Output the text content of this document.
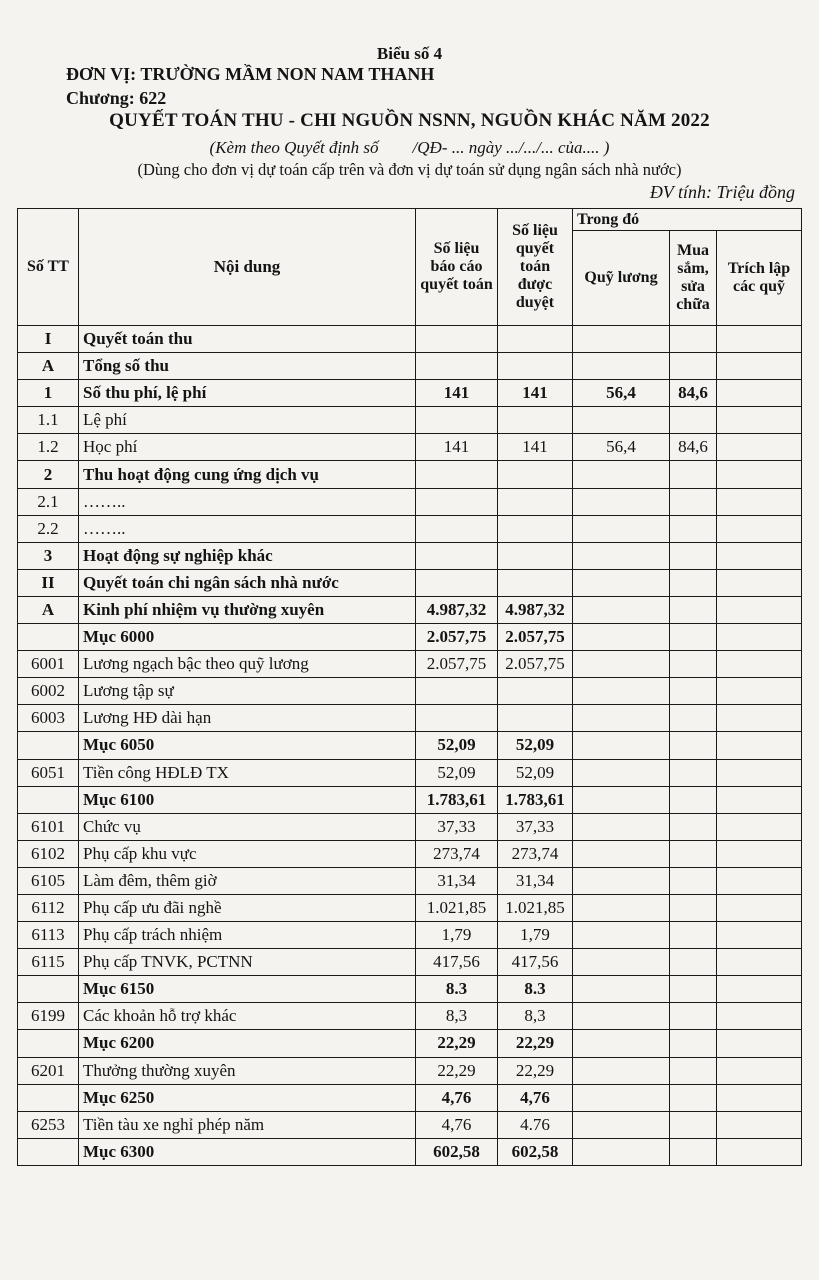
Biểu số 4
ĐƠN VỊ: TRƯỜNG MẦM NON NAM THANH
Chương: 622
QUYẾT TOÁN THU - CHI NGUỒN NSNN, NGUỒN KHÁC NĂM 2022
(Kèm theo Quyết định số        /QĐ- ... ngày .../.../... của.... )
(Dùng cho đơn vị dự toán cấp trên và đơn vị dự toán sử dụng ngân sách nhà nước)
ĐV tính: Triệu đồng
Số TT	Nội dung	Số liệu báo cáo quyết toán	Số liệu quyết toán được duyệt	Trong đó		
				Quỹ lương	Mua sắm, sửa chữa	Trích lập các quỹ
I	Quyết toán thu					
A	Tổng số thu					
1	Số thu phí, lệ phí	141	141	56,4	84,6	
1.1	Lệ phí					
1.2	Học phí	141	141	56,4	84,6	
2	Thu hoạt động cung ứng dịch vụ					
2.1	……..					
2.2	……..					
3	Hoạt động sự nghiệp khác					
II	Quyết toán chi ngân sách nhà nước					
A	Kinh phí nhiệm vụ thường xuyên	4.987,32	4.987,32			
	Mục 6000	2.057,75	2.057,75			
6001	Lương ngạch bậc theo quỹ lương	2.057,75	2.057,75			
6002	Lương tập sự					
6003	Lương HĐ dài hạn					
	Mục 6050	52,09	52,09			
6051	Tiền công HĐLĐ TX	52,09	52,09			
	Mục 6100	1.783,61	1.783,61			
6101	Chức vụ	37,33	37,33			
6102	Phụ cấp khu vực	273,74	273,74			
6105	Làm đêm, thêm giờ	31,34	31,34			
6112	Phụ cấp ưu đãi nghề	1.021,85	1.021,85			
6113	Phụ cấp trách nhiệm	1,79	1,79			
6115	Phụ cấp TNVK, PCTNN	417,56	417,56			
	Mục 6150	8.3	8.3			
6199	Các khoản hỗ trợ khác	8,3	8,3			
	Mục 6200	22,29	22,29			
6201	Thưởng thường xuyên	22,29	22,29			
	Mục 6250	4,76	4,76			
6253	Tiền tàu xe nghỉ phép năm	4,76	4.76			
	Mục 6300	602,58	602,58			
